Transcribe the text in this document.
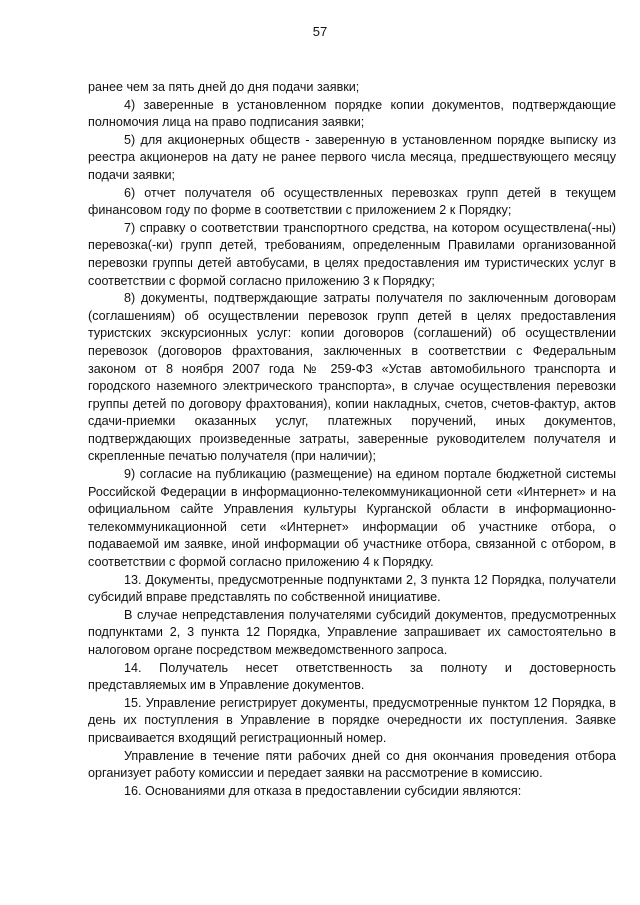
57

ранее чем за пять дней до дня подачи заявки;

4) заверенные в установленном порядке копии документов, подтверждающие полномочия лица на право подписания заявки;

5) для акционерных обществ - заверенную в установленном порядке выписку из реестра акционеров на дату не ранее первого числа месяца, предшествующего месяцу подачи заявки;

6) отчет получателя об осуществленных перевозках групп детей в текущем финансовом году по форме в соответствии с приложением 2 к Порядку;

7) справку о соответствии транспортного средства, на котором осуществлена(-ны) перевозка(-ки) групп детей, требованиям, определенным Правилами организованной перевозки группы детей автобусами, в целях предоставления им туристических услуг в соответствии с формой согласно приложению 3 к Порядку;

8) документы, подтверждающие затраты получателя по заключенным договорам (соглашениям) об осуществлении перевозок групп детей в целях предоставления туристских экскурсионных услуг: копии договоров (соглашений) об осуществлении перевозок (договоров фрахтования, заключенных в соответствии с Федеральным законом от 8 ноября 2007 года № 259-ФЗ «Устав автомобильного транспорта и городского наземного электрического транспорта», в случае осуществления перевозки группы детей по договору фрахтования), копии накладных, счетов, счетов-фактур, актов сдачи-приемки оказанных услуг, платежных поручений, иных документов, подтверждающих произведенные затраты, заверенные руководителем получателя и скрепленные печатью получателя (при наличии);

9) согласие на публикацию (размещение) на едином портале бюджетной системы Российской Федерации в информационно-телекоммуникационной сети «Интернет» и на официальном сайте Управления культуры Курганской области в информационно-телекоммуникационной сети «Интернет» информации об участнике отбора, о подаваемой им заявке, иной информации об участнике отбора, связанной с отбором, в соответствии с формой согласно приложению 4 к Порядку.

13. Документы, предусмотренные подпунктами 2, 3 пункта 12 Порядка, получатели субсидий вправе представлять по собственной инициативе.

В случае непредставления получателями субсидий документов, предусмотренных подпунктами 2, 3 пункта 12 Порядка, Управление запрашивает их самостоятельно в налоговом органе посредством межведомственного запроса.

14. Получатель несет ответственность за полноту и достоверность представляемых им в Управление документов.

15. Управление регистрирует документы, предусмотренные пунктом 12 Порядка, в день их поступления в Управление в порядке очередности их поступления. Заявке присваивается входящий регистрационный номер.

Управление в течение пяти рабочих дней со дня окончания проведения отбора организует работу комиссии и передает заявки на рассмотрение в комиссию.

16. Основаниями для отказа в предоставлении субсидии являются:
